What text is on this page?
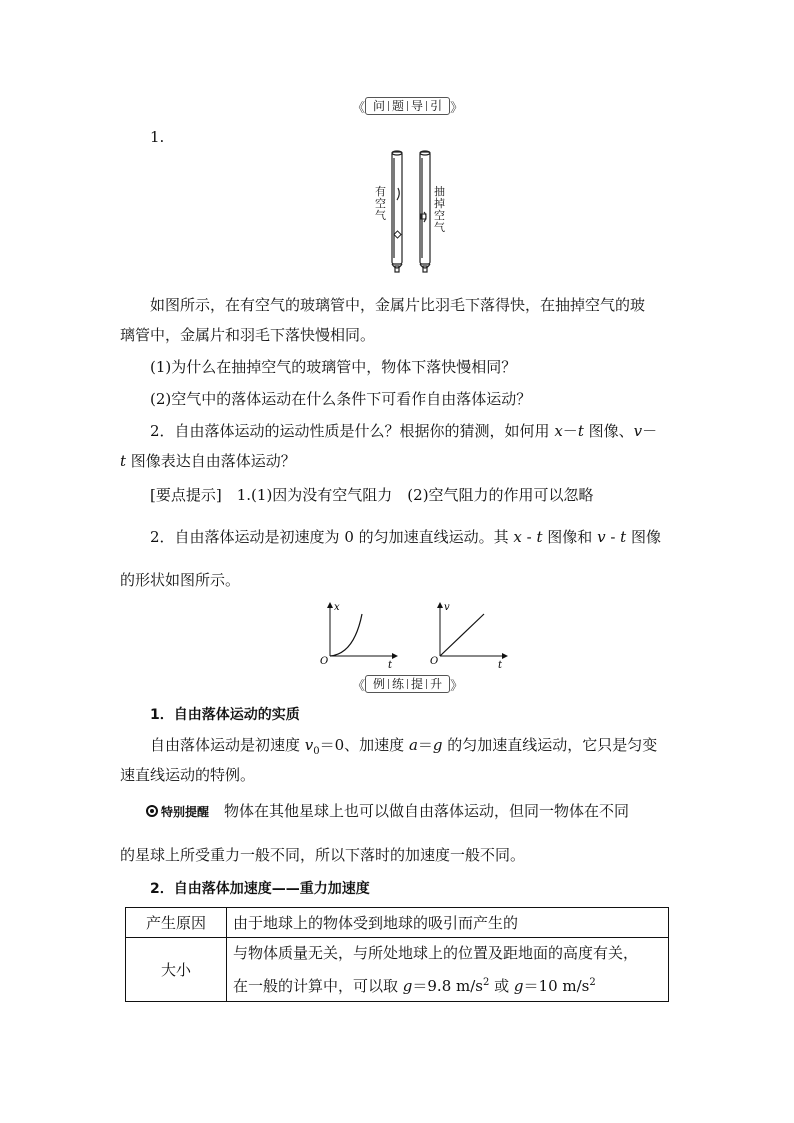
《 问 题 导 引 》
1.
有空气
抽掉空气
如图所示，在有空气的玻璃管中，金属片比羽毛下落得快，在抽掉空气的玻
璃管中，金属片和羽毛下落快慢相同。
(1)为什么在抽掉空气的玻璃管中，物体下落快慢相同？
(2)空气中的落体运动在什么条件下可看作自由落体运动？
2．自由落体运动的运动性质是什么？根据你的猜测，如何用 x－t 图像、v－
t 图像表达自由落体运动？
[要点提示]　 1.(1)因为没有空气阻力　(2)空气阻力的作用可以忽略
2．自由落体运动是初速度为 0 的匀加速直线运动。其 x - t 图像和 v - t 图像
的形状如图所示。
x
t
O
v
t
O
《 例 练 提 升 》
1．自由落体运动的实质
自由落体运动是初速度 $v_0=0$、加速度 a＝g 的匀加速直线运动，它只是匀变
速直线运动的特例。
特别提醒　 物体在其他星球上也可以做自由落体运动，但同一物体在不同
的星球上所受重力一般不同，所以下落时的加速度一般不同。
2．自由落体加速度——重力加速度
产生原因	由于地球上的物体受到地球的吸引而产生的
大小	与物体质量无关，与所处地球上的位置及距地面的高度有关，
在一般的计算中，可以取 g＝9.8 $m/s^2$ 或 g＝10 $m/s^2$
